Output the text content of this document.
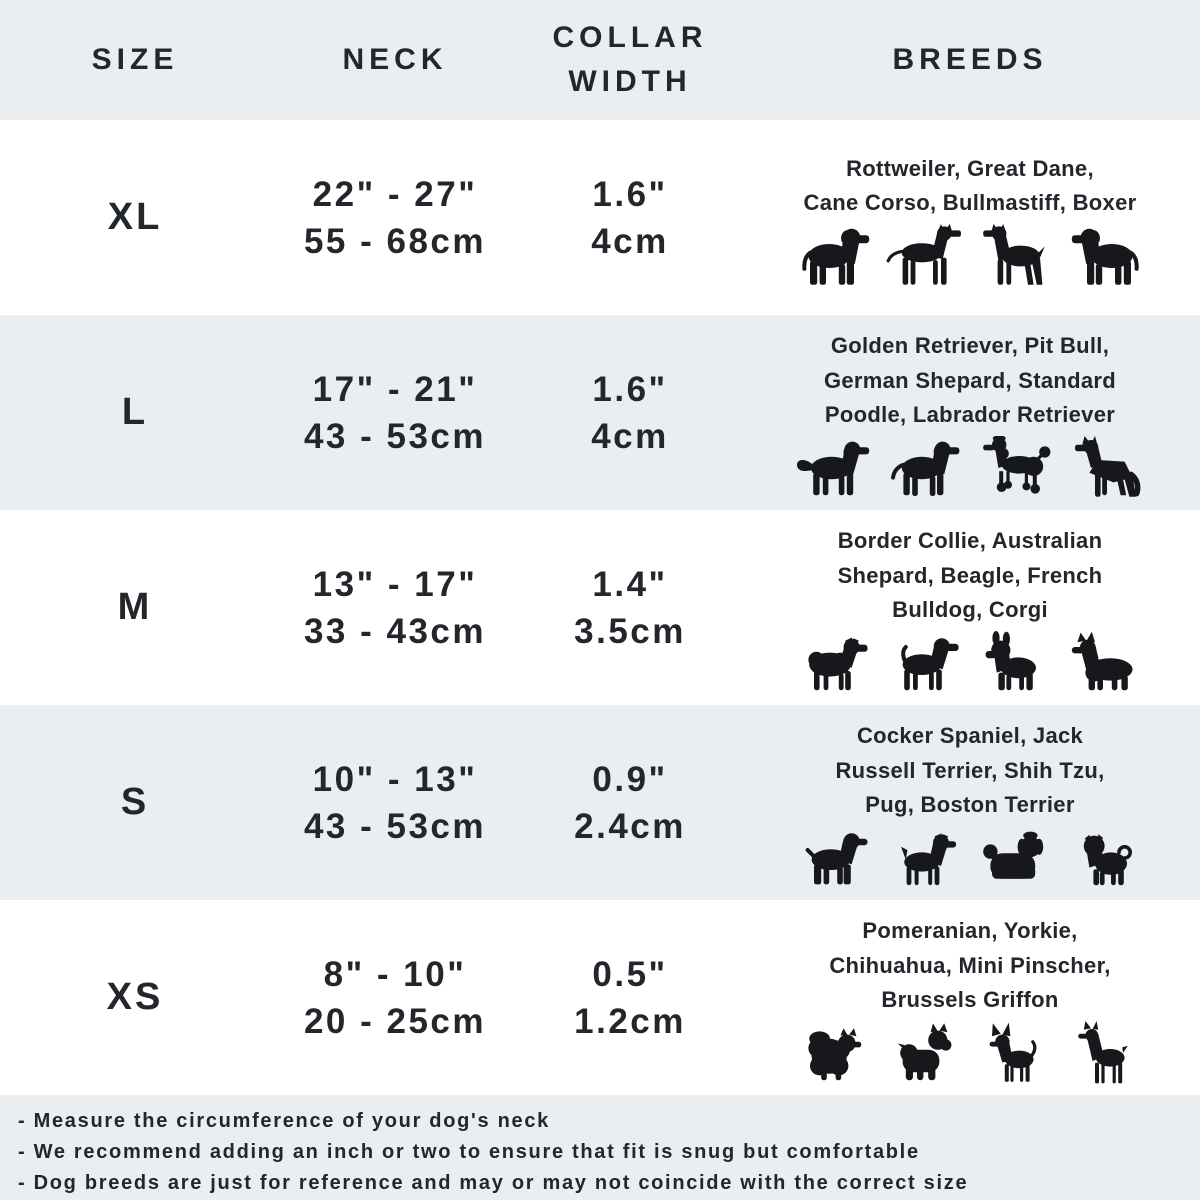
SIZE	NECK
COLLAR WIDTH
BREEDS
XL
22" - 27"
55 - 68cm
1.6"
4cm
Rottweiler, Great Dane,
Cane Corso, Bullmastiff, Boxer
L
17" - 21"
43 - 53cm
1.6"
4cm
Golden Retriever, Pit Bull,
German Shepard, Standard
Poodle, Labrador Retriever
M
13" - 17"
33 - 43cm
1.4"
3.5cm
Border Collie, Australian
Shepard, Beagle, French
Bulldog, Corgi
S
10" - 13"
43 - 53cm
0.9"
2.4cm
Cocker Spaniel, Jack
Russell Terrier, Shih Tzu,
Pug, Boston Terrier
XS
8" - 10"
20 - 25cm
0.5"
1.2cm
Pomeranian, Yorkie,
Chihuahua, Mini Pinscher,
Brussels Griffon
- Measure the circumference of your dog's neck
- We recommend adding an inch or two to ensure that fit is snug but comfortable
- Dog breeds are just for reference and may or may not coincide with the correct size
